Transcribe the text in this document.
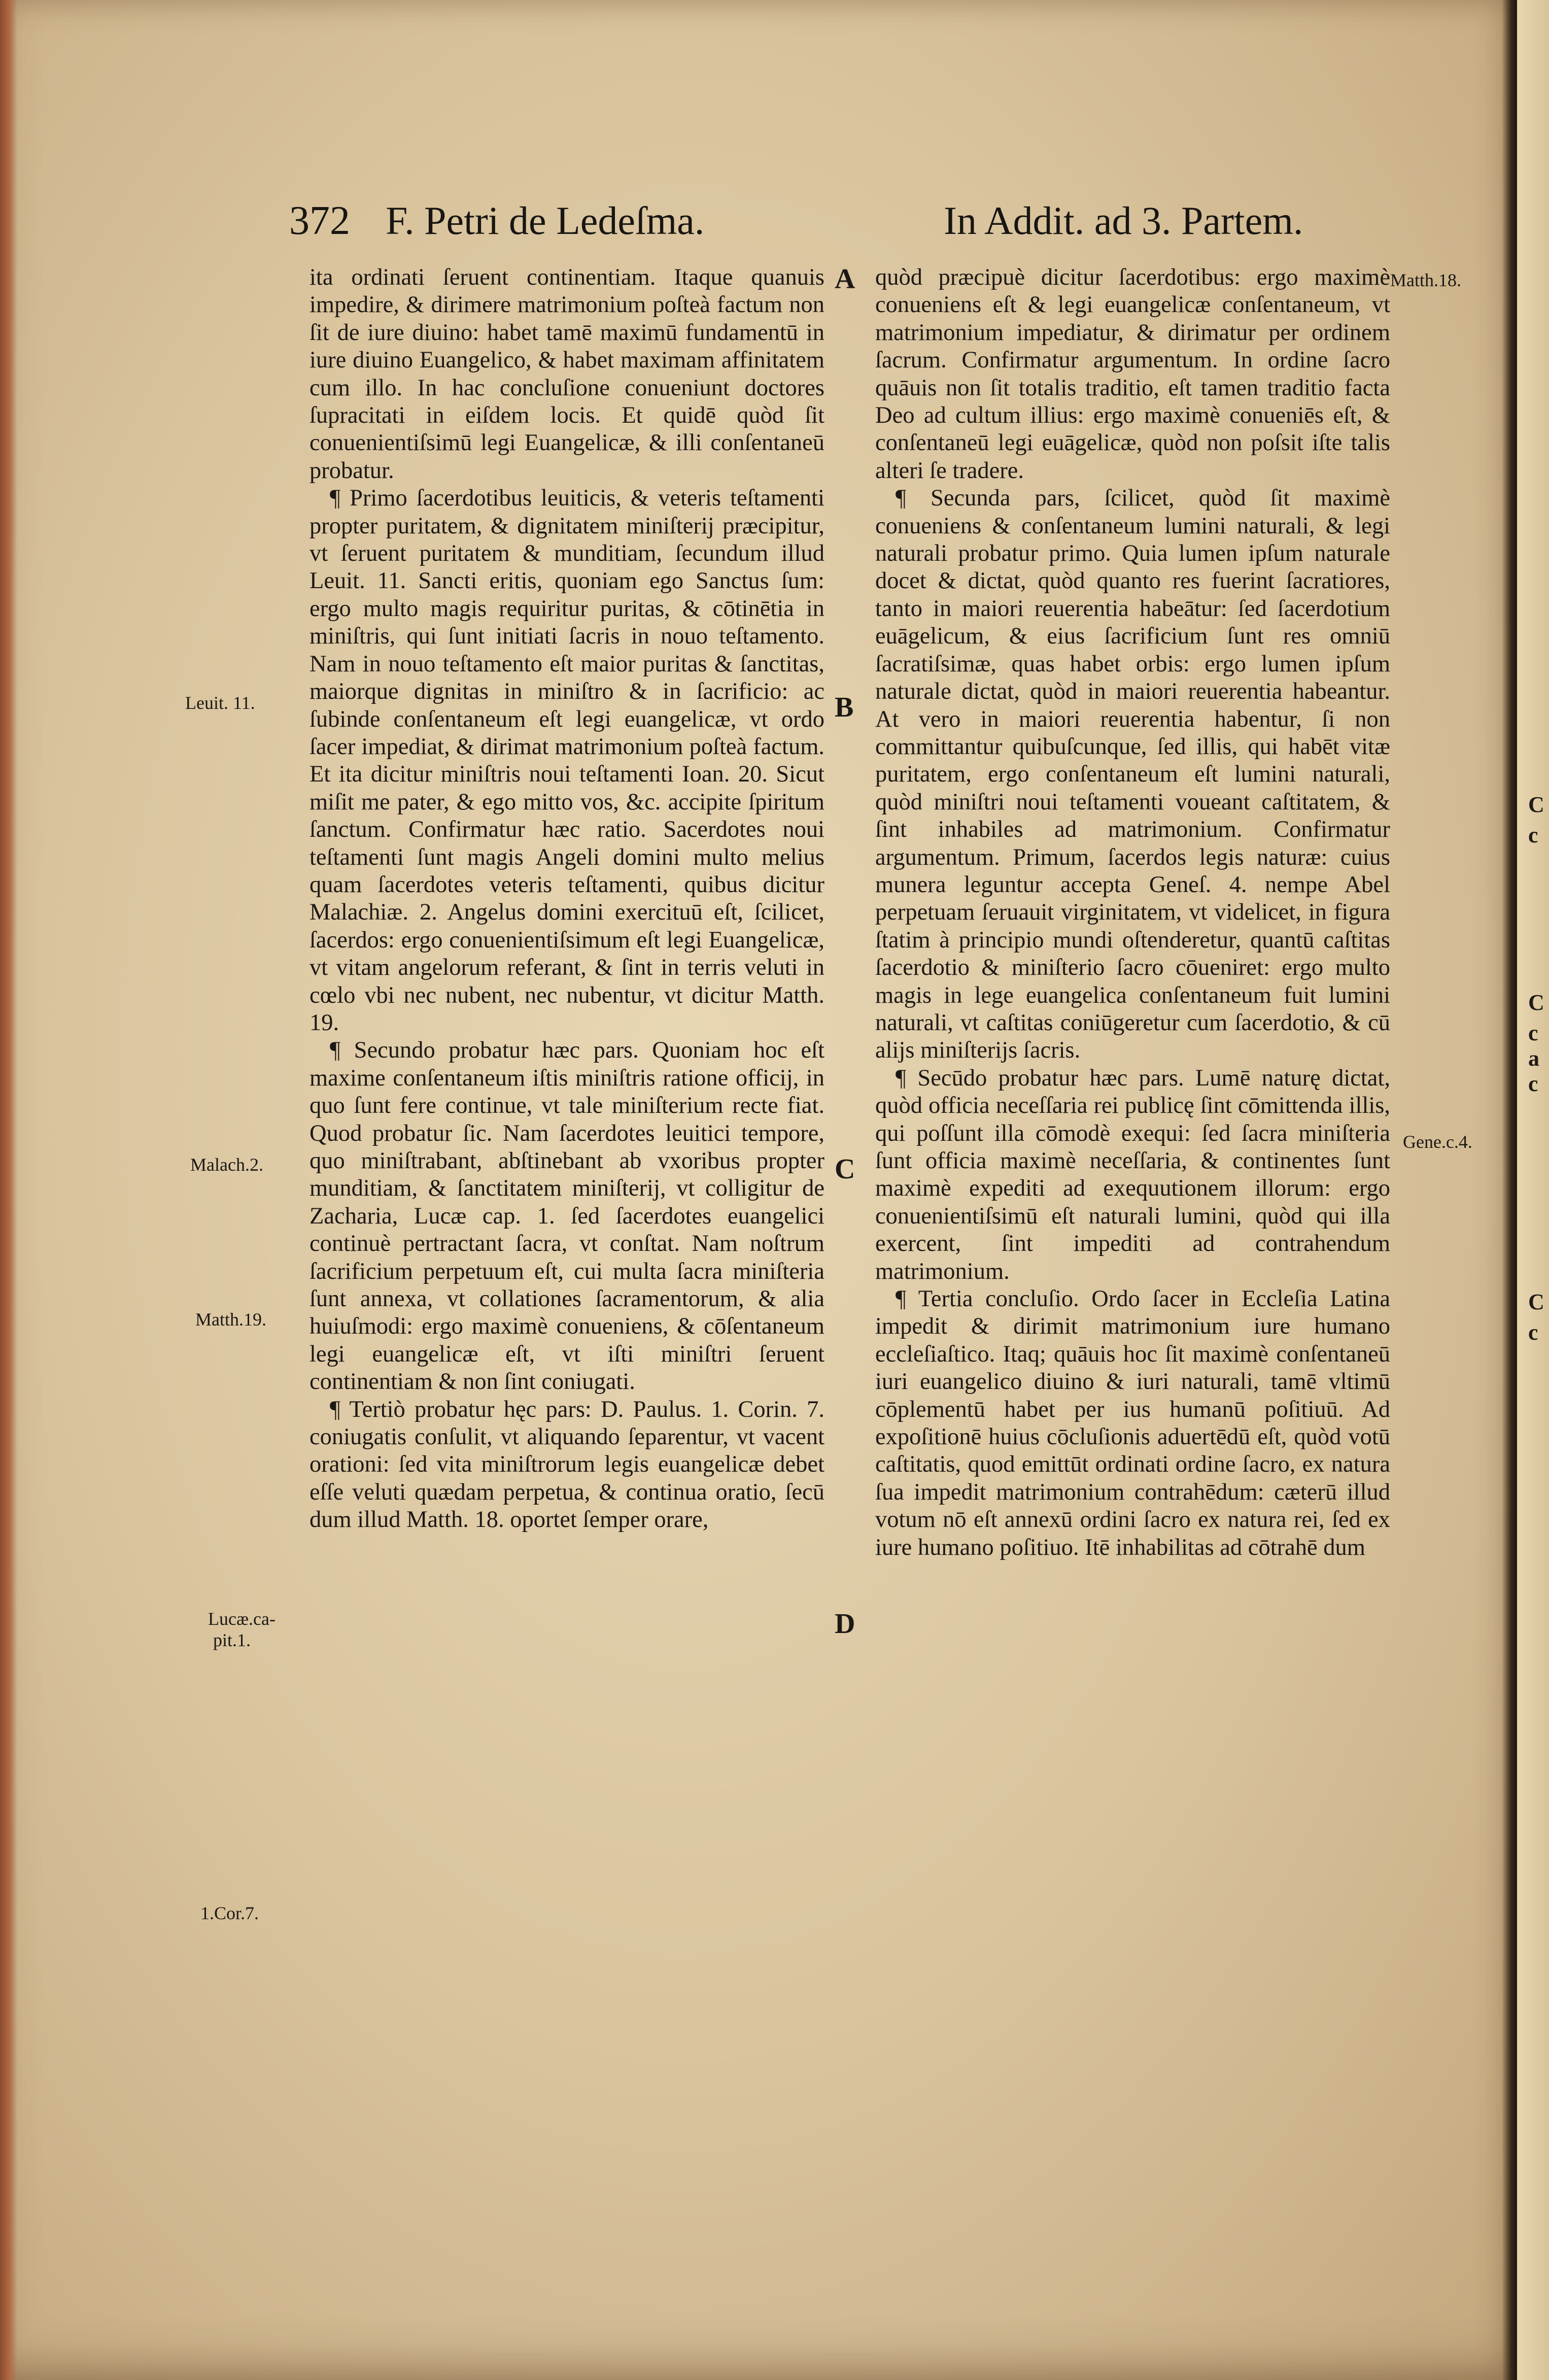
C
c
C
c
a
c
C
c
372 F. Petri de Ledeſma.	In Addit. ad 3. Partem.
Leuit. 11.
Malach.2.
Matth.19.
Lucæ.ca-
pit.1.
1.Cor.7.
Matth.18.
Gene.c.4.
A
B
C
D

ita ordinati ſeruent continentiam. Itaque quanuis impedire, & dirimere matrimonium poſteà factum non ſit de iure diuino: habet tamē maximū fundamentū in iure diuino Euangelico, & habet maximam affinitatem cum illo. In hac concluſione conueniunt doctores ſupracitati in eiſdem locis. Et quidē quòd ſit conuenientiſsimū legi Euangelicæ, & illi conſentaneū probatur.

¶ Primo ſacerdotibus leuiticis, & veteris teſtamenti propter puritatem, & dignitatem miniſterij præcipitur, vt ſeruent puritatem & munditiam, ſecundum illud Leuit. 11. Sancti eritis, quoniam ego Sanctus ſum: ergo multo magis requiritur puritas, & cōtinētia in miniſtris, qui ſunt initiati ſacris in nouo teſtamento. Nam in nouo teſtamento eſt maior puritas & ſanctitas, maiorque dignitas in miniſtro & in ſacrificio: ac ſubinde conſentaneum eſt legi euangelicæ, vt ordo ſacer impediat, & dirimat matrimonium poſteà factum. Et ita dicitur miniſtris noui teſtamenti Ioan. 20. Sicut miſit me pater, & ego mitto vos, &c. accipite ſpiritum ſanctum. Confirmatur hæc ratio. Sacerdotes noui teſtamenti ſunt magis Angeli domini multo melius quam ſacerdotes veteris teſtamenti, quibus dicitur Malachiæ. 2. Angelus domini exercituū eſt, ſcilicet, ſacerdos: ergo conuenientiſsimum eſt legi Euangelicæ, vt vitam angelorum referant, & ſint in terris veluti in cœlo vbi nec nubent, nec nubentur, vt dicitur Matth. 19.

¶ Secundo probatur hæc pars. Quoniam hoc eſt maxime conſentaneum iſtis miniſtris ratione officij, in quo ſunt fere continue, vt tale miniſterium recte fiat. Quod probatur ſic. Nam ſacerdotes leuitici tempore, quo miniſtrabant, abſtinebant ab vxoribus propter munditiam, & ſanctitatem miniſterij, vt colligitur de Zacharia, Lucæ cap. 1. ſed ſacerdotes euangelici continuè pertractant ſacra, vt conſtat. Nam noſtrum ſacrificium perpetuum eſt, cui multa ſacra miniſteria ſunt annexa, vt collationes ſacramentorum, & alia huiuſmodi: ergo maximè conueniens, & cōſentaneum legi euangelicæ eſt, vt iſti miniſtri ſeruent continentiam & non ſint coniugati.

¶ Tertiò probatur hęc pars: D. Paulus. 1. Corin. 7. coniugatis conſulit, vt aliquando ſeparentur, vt vacent orationi: ſed vita miniſtrorum legis euangelicæ debet eſſe veluti quædam perpetua, & continua oratio, ſecū dum illud Matth. 18. oportet ſemper orare,

quòd præcipuè dicitur ſacerdotibus: ergo maximè conueniens eſt & legi euangelicæ conſentaneum, vt matrimonium impediatur, & dirimatur per ordinem ſacrum. Confirmatur argumentum. In ordine ſacro quāuis non ſit totalis traditio, eſt tamen traditio facta Deo ad cultum illius: ergo maximè conueniēs eſt, & conſentaneū legi euāgelicæ, quòd non poſsit iſte talis alteri ſe tradere.

¶ Secunda pars, ſcilicet, quòd ſit maximè conueniens & conſentaneum lumini naturali, & legi naturali probatur primo. Quia lumen ipſum naturale docet & dictat, quòd quanto res fuerint ſacratiores, tanto in maiori reuerentia habeātur: ſed ſacerdotium euāgelicum, & eius ſacrificium ſunt res omniū ſacratiſsimæ, quas habet orbis: ergo lumen ipſum naturale dictat, quòd in maiori reuerentia habeantur. At vero in maiori reuerentia habentur, ſi non committantur quibuſcunque, ſed illis, qui habēt vitæ puritatem, ergo conſentaneum eſt lumini naturali, quòd miniſtri noui teſtamenti voueant caſtitatem, & ſint inhabiles ad matrimonium. Confirmatur argumentum. Primum, ſacerdos legis naturæ: cuius munera leguntur accepta Geneſ. 4. nempe Abel perpetuam ſeruauit virginitatem, vt videlicet, in figura ſtatim à principio mundi oſtenderetur, quantū caſtitas ſacerdotio & miniſterio ſacro cōueniret: ergo multo magis in lege euangelica conſentaneum fuit lumini naturali, vt caſtitas coniūgeretur cum ſacerdotio, & cū alijs miniſterijs ſacris.

¶ Secūdo probatur hæc pars. Lumē naturę dictat, quòd officia neceſſaria rei publicę ſint cōmittenda illis, qui poſſunt illa cōmodè exequi: ſed ſacra miniſteria ſunt officia maximè neceſſaria, & continentes ſunt maximè expediti ad exequutionem illorum: ergo conuenientiſsimū eſt naturali lumini, quòd qui illa exercent, ſint impediti ad contrahendum matrimonium.

¶ Tertia concluſio. Ordo ſacer in Eccleſia Latina impedit & dirimit matrimonium iure humano eccleſiaſtico. Itaq; quāuis hoc ſit maximè conſentaneū iuri euangelico diuino & iuri naturali, tamē vltimū cōplementū habet per ius humanū poſitiuū. Ad expoſitionē huius cōcluſionis aduertēdū eſt, quòd votū caſtitatis, quod emittūt ordinati ordine ſacro, ex natura ſua impedit matrimonium contrahēdum: cæterū illud votum nō eſt annexū ordini ſacro ex natura rei, ſed ex iure humano poſitiuo. Itē inhabilitas ad cōtrahē dum
